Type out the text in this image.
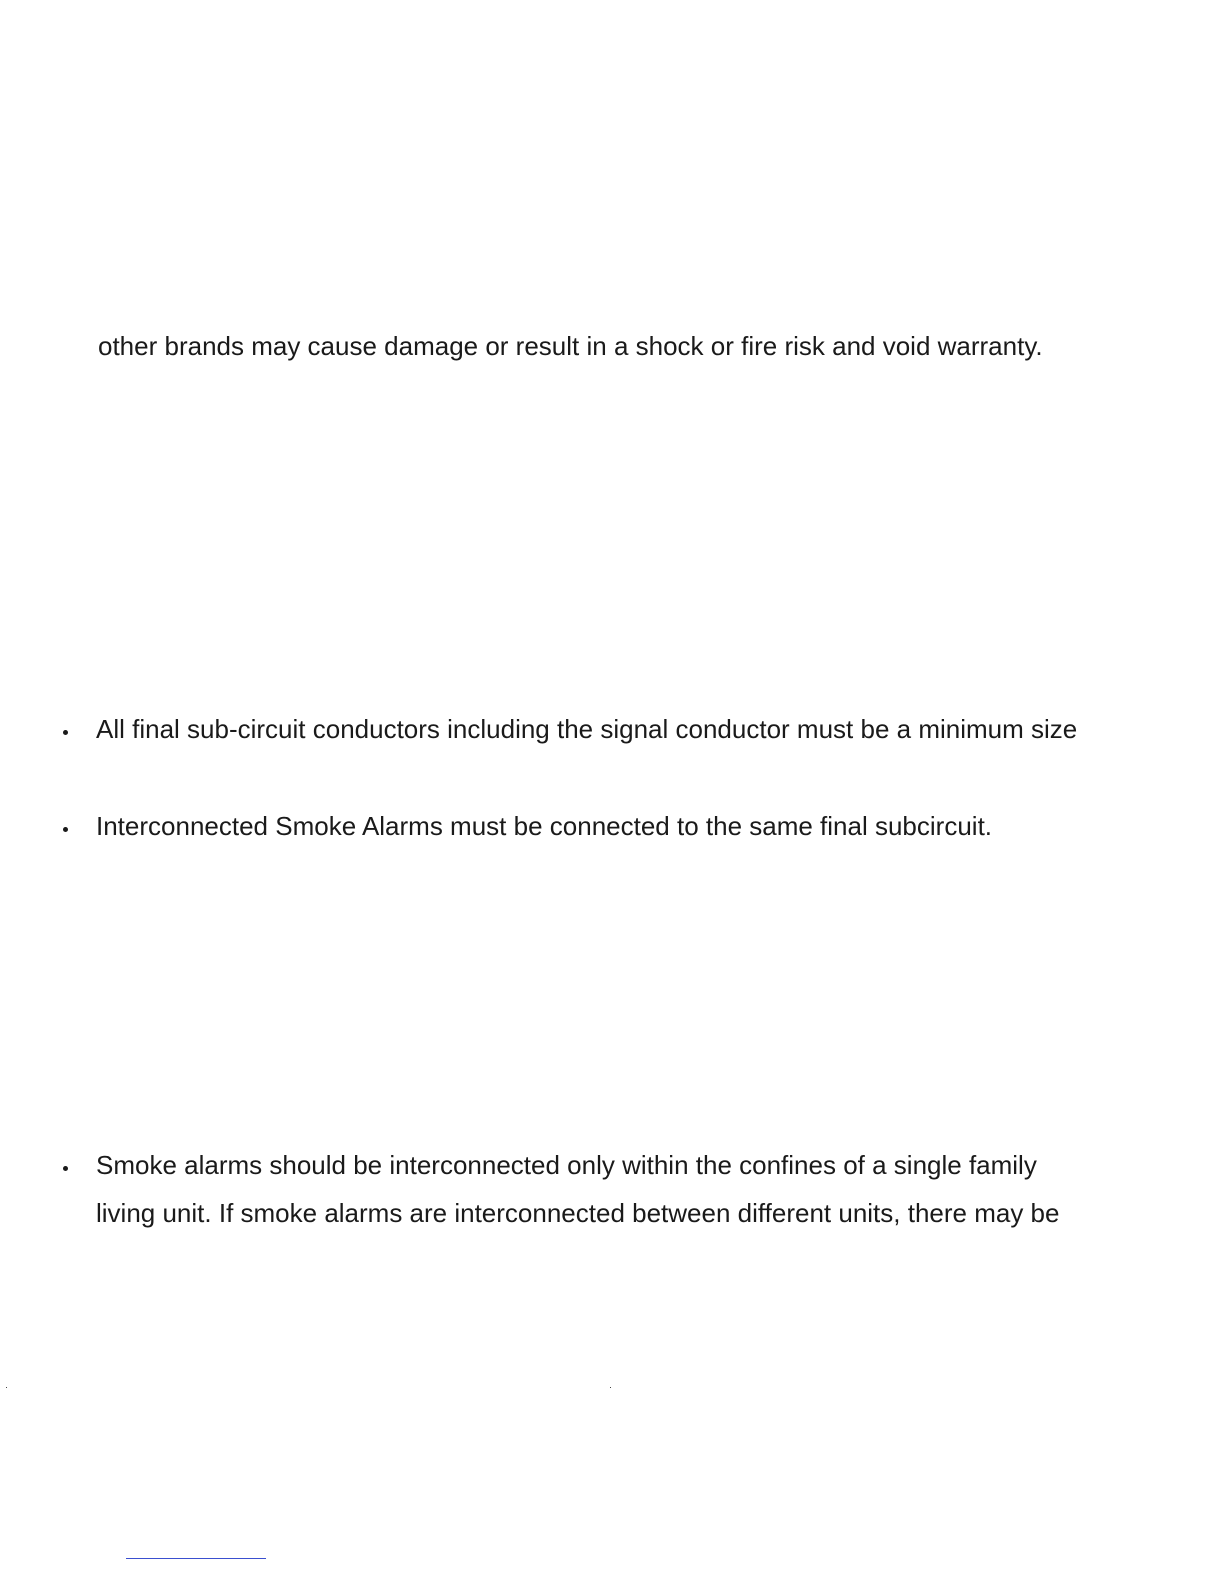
other brands may cause damage or result in a shock or fire risk and void warranty.
All final sub-circuit conductors including the signal conductor must be a minimum size
Interconnected Smoke Alarms must be connected to the same final subcircuit.
Smoke alarms should be interconnected only within the confines of a single family
living unit. If smoke alarms are interconnected between different units, there may be
